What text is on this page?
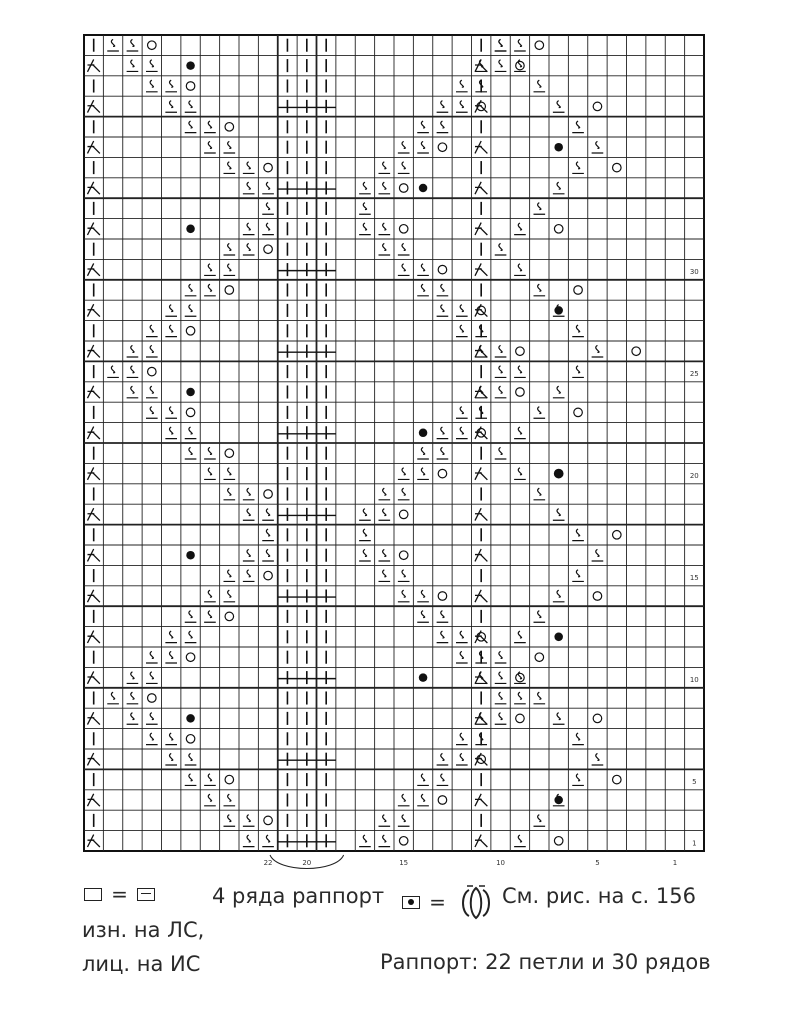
1
5
10
15
20
25
30
22	20	15	10	5	1
=	4 ряда раппорт	=	См. рис. на с. 156
изн. на ЛС,
лиц. на ИС	Раппорт: 22 петли и 30 рядов
